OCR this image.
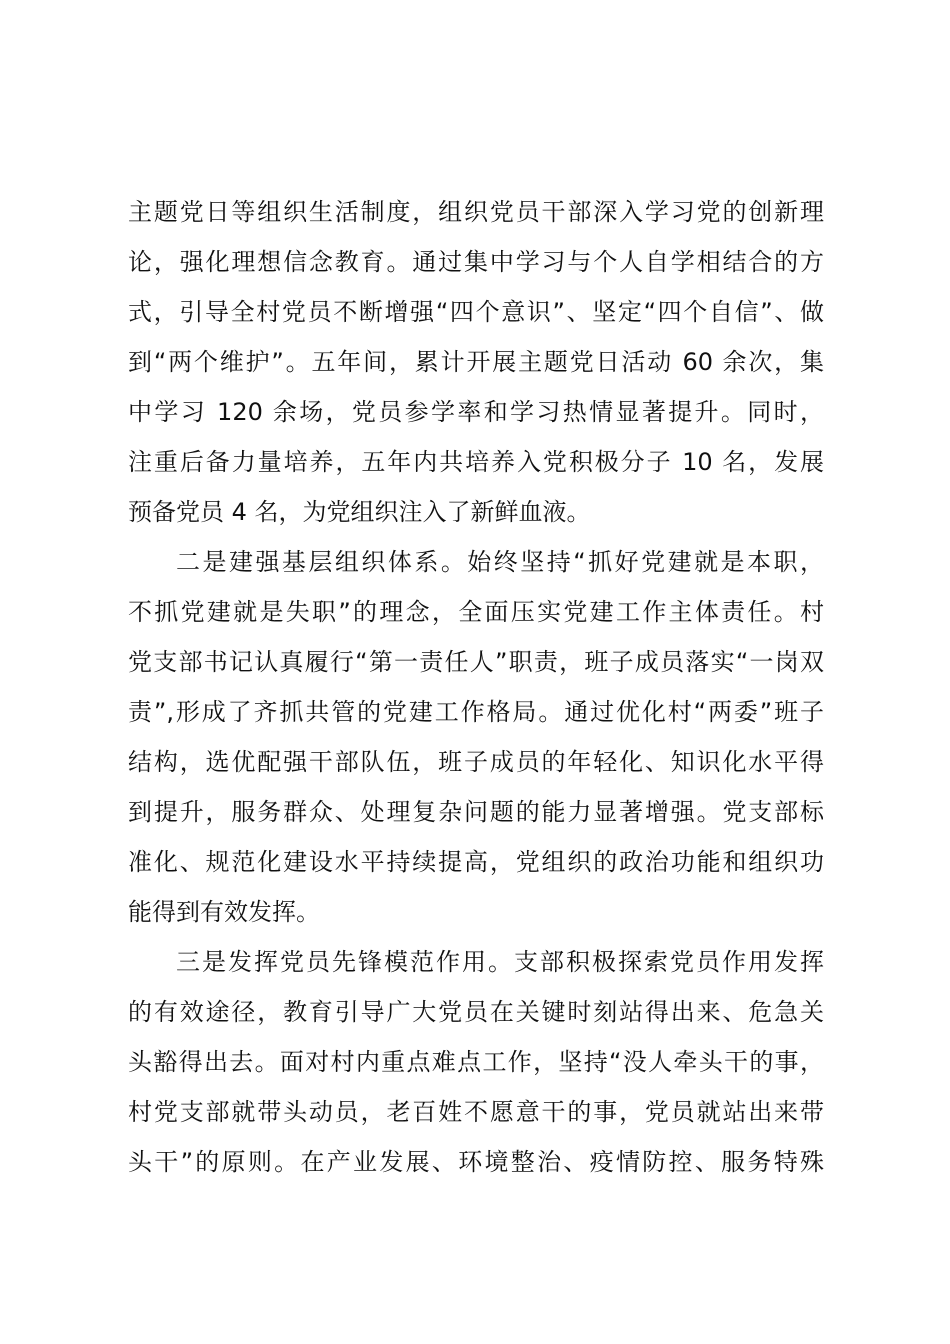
主题党日等组织生活制度，组织党员干部深入学习党的创新理
论，强化理想信念教育。通过集中学习与个人自学相结合的方
式，引导全村党员不断增强“四个意识”、坚定“四个自信”、做
到“两个维护”。五年间，累计开展主题党日活动 60 余次，集
中学习 120 余场，党员参学率和学习热情显著提升。同时，
注重后备力量培养，五年内共培养入党积极分子 10 名，发展
预备党员 4 名，为党组织注入了新鲜血液。
二是建强基层组织体系。始终坚持“抓好党建就是本职，
不抓党建就是失职”的理念，全面压实党建工作主体责任。村
党支部书记认真履行“第一责任人”职责，班子成员落实“一岗双
责”,形成了齐抓共管的党建工作格局。通过优化村“两委”班子
结构，选优配强干部队伍，班子成员的年轻化、知识化水平得
到提升，服务群众、处理复杂问题的能力显著增强。党支部标
准化、规范化建设水平持续提高，党组织的政治功能和组织功
能得到有效发挥。
三是发挥党员先锋模范作用。支部积极探索党员作用发挥
的有效途径，教育引导广大党员在关键时刻站得出来、危急关
头豁得出去。面对村内重点难点工作，坚持“没人牵头干的事，
村党支部就带头动员，老百姓不愿意干的事，党员就站出来带
头干”的原则。在产业发展、环境整治、疫情防控、服务特殊
